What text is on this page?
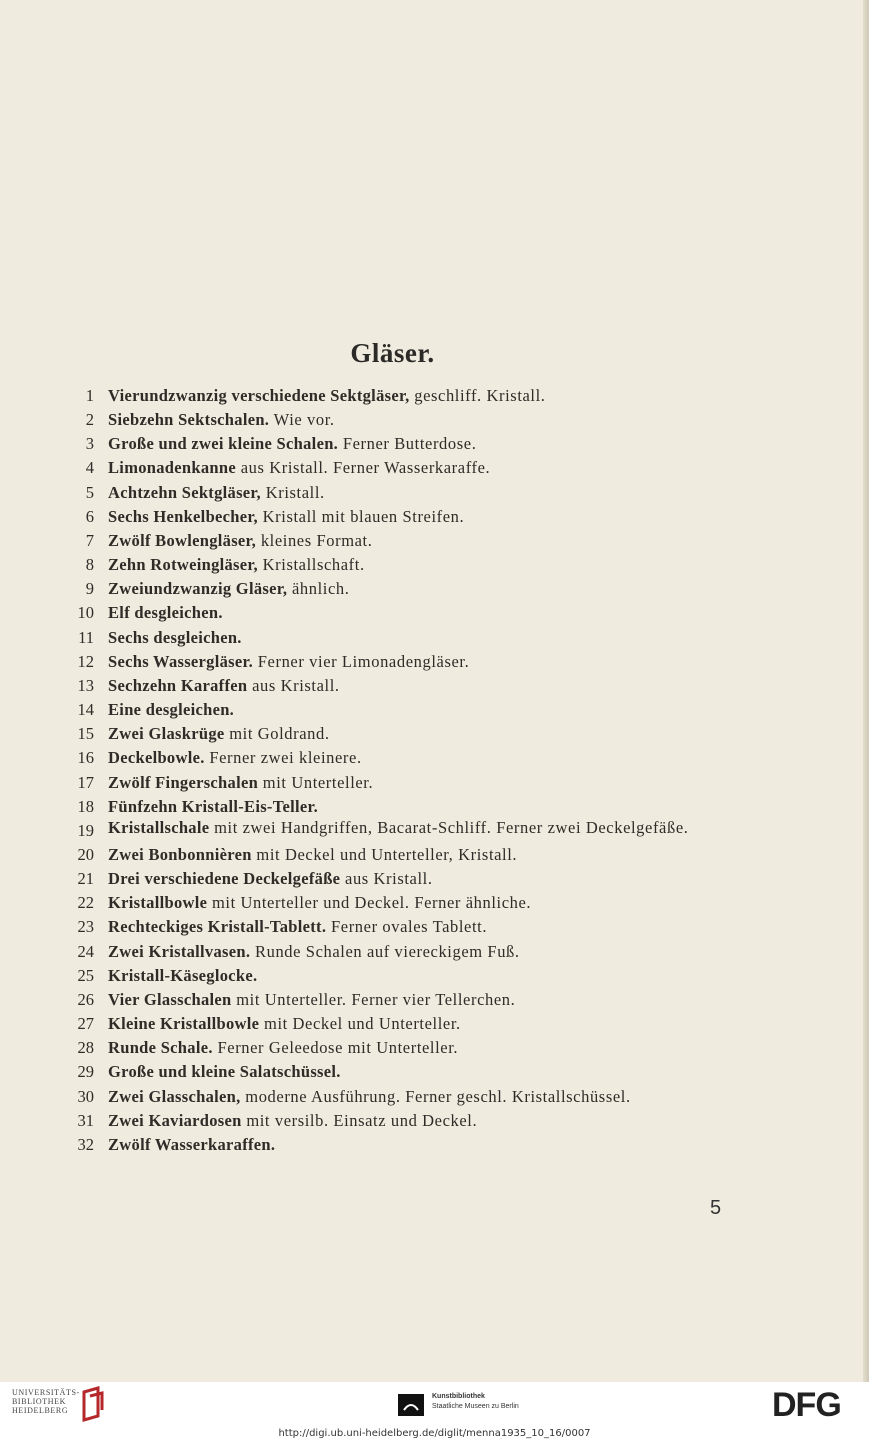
Gläser.
1 Vierundzwanzig verschiedene Sektgläser, geschliff. Kristall.
2 Siebzehn Sektschalen. Wie vor.
3 Große und zwei kleine Schalen. Ferner Butterdose.
4 Limonadenkanne aus Kristall. Ferner Wasserkaraffe.
5 Achtzehn Sektgläser, Kristall.
6 Sechs Henkelbecher, Kristall mit blauen Streifen.
7 Zwölf Bowlengläser, kleines Format.
8 Zehn Rotweingläser, Kristallschaft.
9 Zweiundzwanzig Gläser, ähnlich.
10 Elf desgleichen.
11 Sechs desgleichen.
12 Sechs Wassergläser. Ferner vier Limonadengläser.
13 Sechzehn Karaffen aus Kristall.
14 Eine desgleichen.
15 Zwei Glaskrüge mit Goldrand.
16 Deckelbowle. Ferner zwei kleinere.
17 Zwölf Fingerschalen mit Unterteller.
18 Fünfzehn Kristall-Eis-Teller.
19 Kristallschale mit zwei Handgriffen, Bacarat-Schliff. Ferner zwei Deckelgefäße.
20 Zwei Bonbonnièren mit Deckel und Unterteller, Kristall.
21 Drei verschiedene Deckelgefäße aus Kristall.
22 Kristallbowle mit Unterteller und Deckel. Ferner ähnliche.
23 Rechteckiges Kristall-Tablett. Ferner ovales Tablett.
24 Zwei Kristallvasen. Runde Schalen auf viereckigem Fuß.
25 Kristall-Käseglocke.
26 Vier Glasschalen mit Unterteller. Ferner vier Tellerchen.
27 Kleine Kristallbowle mit Deckel und Unterteller.
28 Runde Schale. Ferner Geleedose mit Unterteller.
29 Große und kleine Salatschüssel.
30 Zwei Glasschalen, moderne Ausführung. Ferner geschl. Kristallschüssel.
31 Zwei Kaviardosen mit versilb. Einsatz und Deckel.
32 Zwölf Wasserkaraffen.
5
UNIVERSITÄTS-
BIBLIOTHEK
HEIDELBERG
Kunstbibliothek
Staatliche Museen zu Berlin	DFG
http://digi.ub.uni-heidelberg.de/diglit/menna1935_10_16/0007
